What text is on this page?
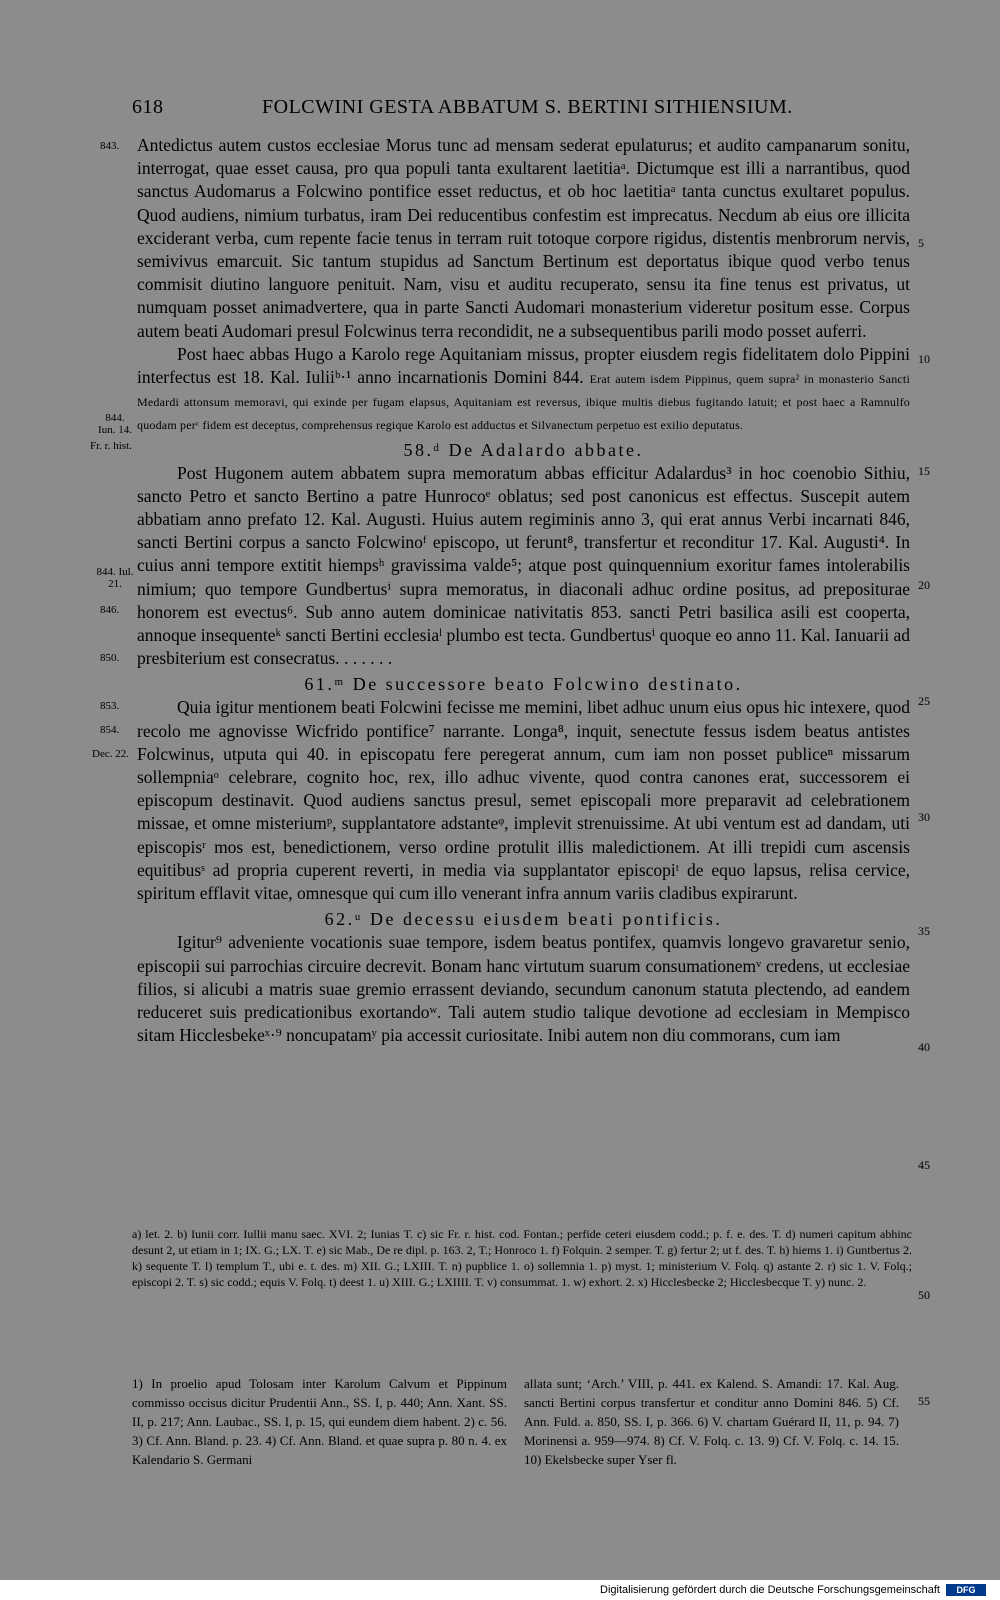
618	FOLCWINI GESTA ABBATUM S. BERTINI SITHIENSIUM.

Antedictus autem custos ecclesiae Morus tunc ad mensam sederat epulaturus; et audito campanarum sonitu, interrogat, quae esset causa, pro qua populi tanta exultarent laetitiaᵃ. Dictumque est illi a narrantibus, quod sanctus Audomarus a Folcwino pontifice esset reductus, et ob hoc laetitiaᵃ tanta cunctus exultaret populus. Quod audiens, nimium turbatus, iram Dei reducentibus confestim est imprecatus. Necdum ab eius ore illicita exciderant verba, cum repente facie tenus in terram ruit totoque corpore rigidus, distentis menbrorum nervis, semivivus emarcuit. Sic tantum stupidus ad Sanctum Bertinum est deportatus ibique quod verbo tenus commisit diutino languore penituit. Nam, visu et auditu recuperato, sensu ita fine tenus est privatus, ut numquam posset animadvertere, qua in parte Sancti Audomari monasterium videretur positum esse. Corpus autem beati Audomari presul Folcwinus terra recondidit, ne a subsequentibus parili modo posset auferri.

Post haec abbas Hugo a Karolo rege Aquitaniam missus, propter eiusdem regis fidelitatem dolo Pippini interfectus est 18. Kal. Iuliiᵇ·¹ anno incarnationis Domini 844. Erat autem isdem Pippinus, quem supra² in monasterio Sancti Medardi attonsum memoravi, qui exinde per fugam elapsus, Aquitaniam est reversus, ibique multis diebus fugitando latuit; et post haec a Ramnulfo quodam perᶜ fidem est deceptus, comprehensus regique Karolo est adductus et Silvanectum perpetuo est exilio deputatus.

58.ᵈ De Adalardo abbate.

Post Hugonem autem abbatem supra memoratum abbas efficitur Adalardus³ in hoc coenobio Sithiu, sancto Petro et sancto Bertino a patre Hunrocoᵉ oblatus; sed post canonicus est effectus. Suscepit autem abbatiam anno prefato 12. Kal. Augusti. Huius autem regiminis anno 3, qui erat annus Verbi incarnati 846, sancti Bertini corpus a sancto Folcwinoᶠ episcopo, ut ferunt⁸, transfertur et reconditur 17. Kal. Augusti⁴. In cuius anni tempore extitit hiempsʰ gravissima valde⁵; atque post quinquennium exoritur fames intolerabilis nimium; quo tempore Gundbertusⁱ supra memoratus, in diaconali adhuc ordine positus, ad prepositurae honorem est evectus⁶. Sub anno autem dominicae nativitatis 853. sancti Petri basilica asili est cooperta, annoque insequenteᵏ sancti Bertini ecclesiaˡ plumbo est tecta. Gundbertusⁱ quoque eo anno 11. Kal. Ianuarii ad presbiterium est consecratus. . . . . . .

61.ᵐ De successore beato Folcwino destinato.

Quia igitur mentionem beati Folcwini fecisse me memini, libet adhuc unum eius opus hic intexere, quod recolo me agnovisse Wicfrido pontifice⁷ narrante. Longa⁸, inquit, senectute fessus isdem beatus antistes Folcwinus, utputa qui 40. in episcopatu fere peregerat annum, cum iam non posset publiceⁿ missarum sollempniaᵒ celebrare, cognito hoc, rex, illo adhuc vivente, quod contra canones erat, successorem ei episcopum destinavit. Quod audiens sanctus presul, semet episcopali more preparavit ad celebrationem missae, et omne misteriumᵖ, supplantatore adstanteᵠ, implevit strenuissime. At ubi ventum est ad dandam, uti episcopisʳ mos est, benedictionem, verso ordine protulit illis maledictionem. At illi trepidi cum ascensis equitibusˢ ad propria cuperent reverti, in media via supplantator episcopiᵗ de equo lapsus, relisa cervice, spiritum efflavit vitae, omnesque qui cum illo venerant infra annum variis cladibus expirarunt.

62.ᵘ De decessu eiusdem beati pontificis.

Igitur⁹ adveniente vocationis suae tempore, isdem beatus pontifex, quamvis longevo gravaretur senio, episcopii sui parrochias circuire decrevit. Bonam hanc virtutum suarum consumationemᵛ credens, ut ecclesiae filios, si alicubi a matris suae gremio errassent deviando, secundum canonum statuta plectendo, ad eandem reduceret suis predicationibus exortandoʷ. Tali autem studio talique devotione ad ecclesiam in Mempisco sitam Hicclesbekeˣ·⁹ noncupatamʸ pia accessit curiositate. Inibi autem non diu commorans, cum iam

843.
844. Iun. 14.
Fr. r. hist.
844. Iul. 21.
846.
850.
853.
854.
Dec. 22.
5
10
15
20
25
30
35
40
45
50
55
a) let. 2. b) Iunii corr. Iullii manu saec. XVI. 2; Iunias T. c) sic Fr. r. hist. cod. Fontan.; perfide ceteri eiusdem codd.; p. f. e. des. T. d) numeri capitum abhinc desunt 2, ut etiam in 1; IX. G.; LX. T. e) sic Mab., De re dipl. p. 163. 2, T.; Honroco 1. f) Folquin. 2 semper. T. g) fertur 2; ut f. des. T. h) hiems 1. i) Guntbertus 2. k) sequente T. l) templum T., ubi e. t. des. m) XII. G.; LXIII. T. n) pupblice 1. o) sollemnia 1. p) myst. 1; ministerium V. Folq. q) astante 2. r) sic 1. V. Folq.; episcopi 2. T. s) sic codd.; equis V. Folq. t) deest 1. u) XIII. G.; LXIIII. T. v) consummat. 1. w) exhort. 2. x) Hicclesbecke 2; Hicclesbecque T. y) nunc. 2.
1) In proelio apud Tolosam inter Karolum Calvum et Pippinum commisso occisus dicitur Prudentii Ann., SS. I, p. 440; Ann. Xant. SS. II, p. 217; Ann. Laubac., SS. I, p. 15, qui eundem diem habent. 2) c. 56. 3) Cf. Ann. Bland. p. 23. 4) Cf. Ann. Bland. et quae supra p. 80 n. 4. ex Kalendario S. Germani
allata sunt; ‘Arch.’ VIII, p. 441. ex Kalend. S. Amandi: 17. Kal. Aug. sancti Bertini corpus transfertur et conditur anno Domini 846. 5) Cf. Ann. Fuld. a. 850, SS. I, p. 366. 6) V. chartam Guérard II, 11, p. 94. 7) Morinensi a. 959—974. 8) Cf. V. Folq. c. 13. 9) Cf. V. Folq. c. 14. 15. 10) Ekelsbecke super Yser fl.
Digitalisierung gefördert durch die Deutsche Forschungsgemeinschaft	DFG
